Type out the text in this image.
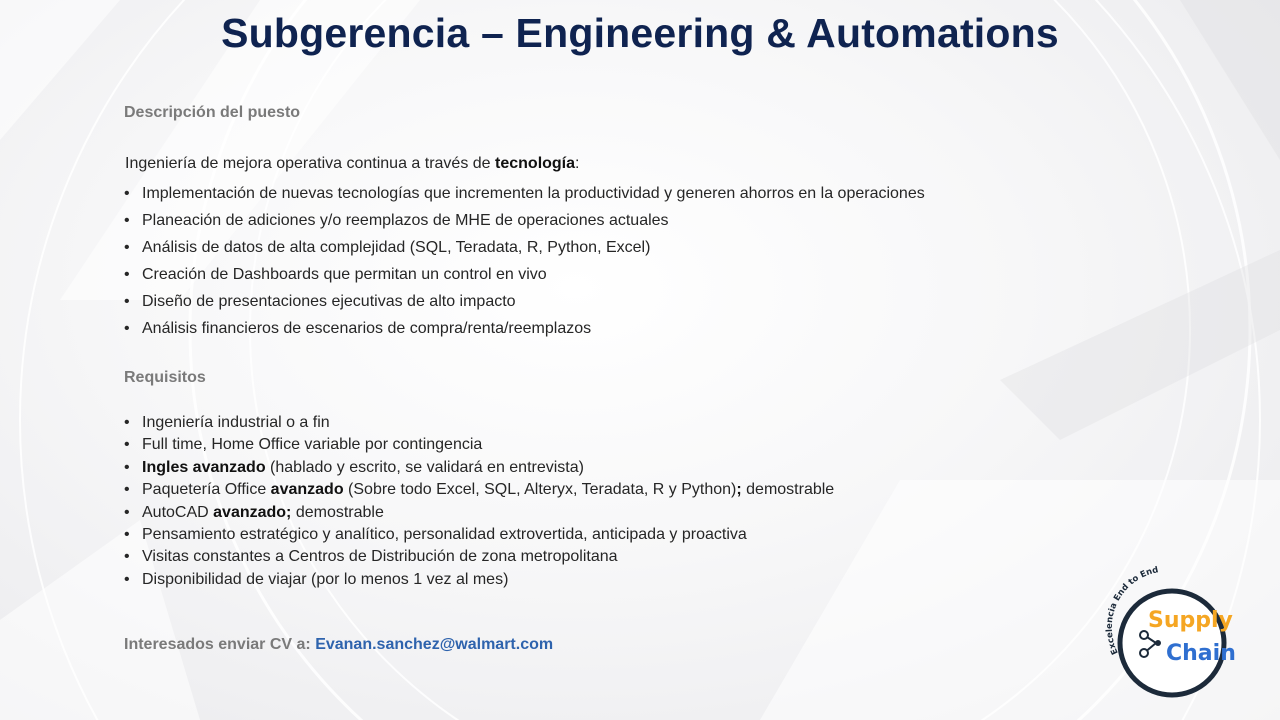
Subgerencia – Engineering & Automations
Descripción del puesto
Ingeniería de mejora operativa continua a través de tecnología:
• Implementación de nuevas tecnologías que incrementen la productividad y generen ahorros en la operaciones
• Planeación de adiciones y/o reemplazos de MHE de operaciones actuales
• Análisis de datos de alta complejidad (SQL, Teradata, R, Python, Excel)
• Creación de Dashboards que permitan un control en vivo
• Diseño de presentaciones ejecutivas de alto impacto
• Análisis financieros de escenarios de compra/renta/reemplazos
Requisitos
• Ingeniería industrial o a fin
• Full time, Home Office variable por contingencia
• Ingles avanzado (hablado y escrito, se validará en entrevista)
• Paquetería Office avanzado (Sobre todo Excel, SQL, Alteryx, Teradata, R y Python); demostrable
• AutoCAD avanzado; demostrable
• Pensamiento estratégico y analítico, personalidad extrovertida, anticipada y proactiva
• Visitas constantes a Centros de Distribución de zona metropolitana
• Disponibilidad de viajar (por lo menos 1 vez al mes)
Interesados enviar CV a: Evanan.sanchez@walmart.com	Excelencia End to End
Supply
Chain
